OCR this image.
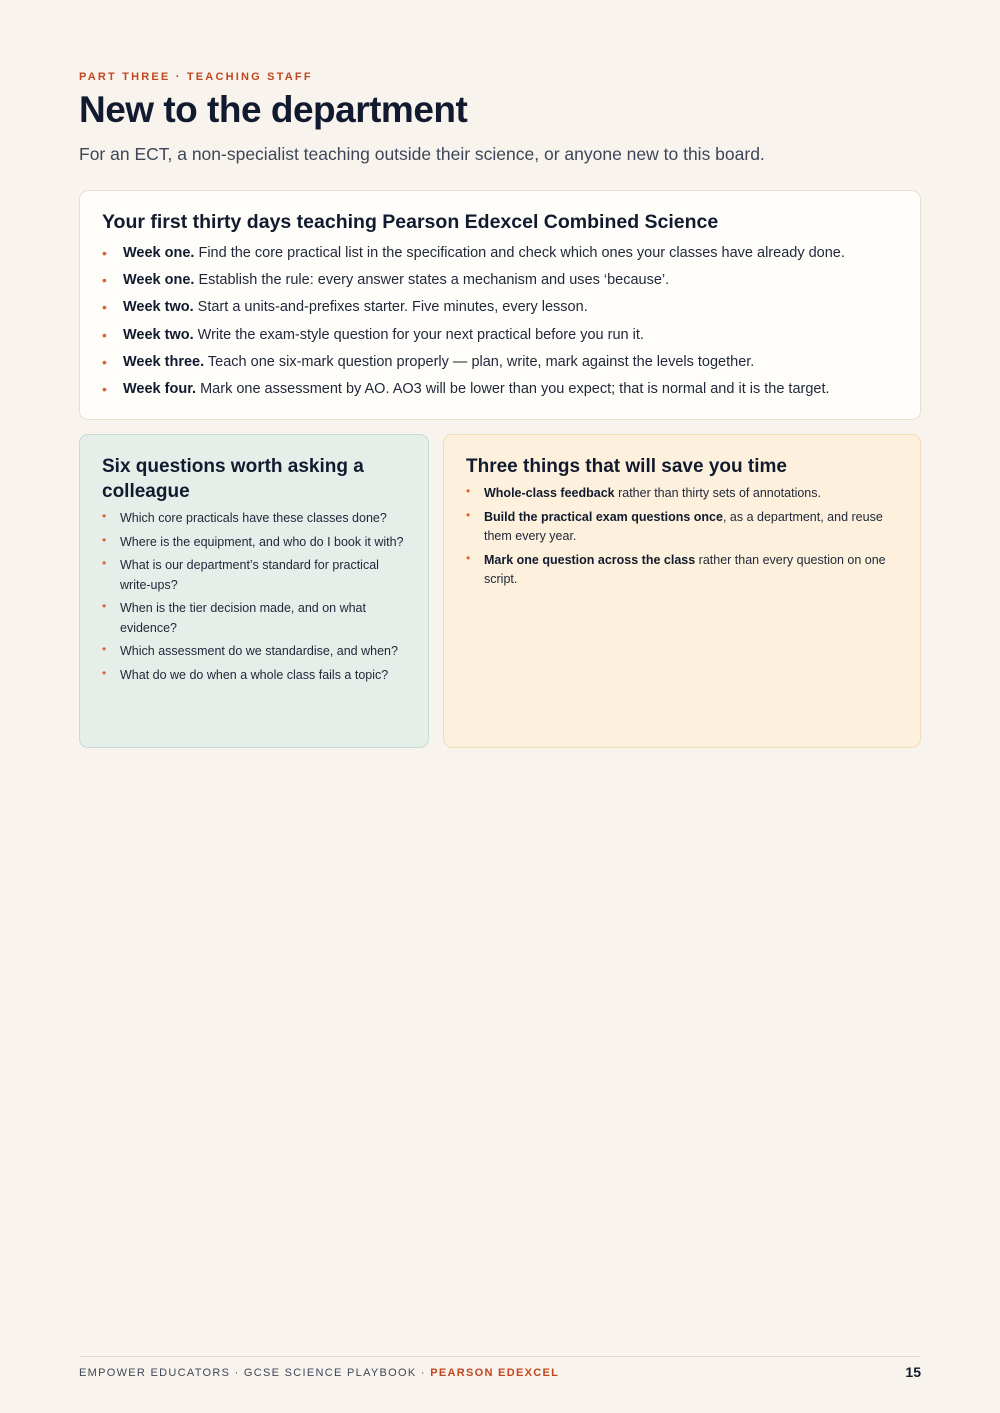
PART THREE · TEACHING STAFF
New to the department

For an ECT, a non-specialist teaching outside their science, or anyone new to this board.

Your first thirty days teaching Pearson Edexcel Combined Science
• Week one. Find the core practical list in the specification and check which ones your classes have already done.
• Week one. Establish the rule: every answer states a mechanism and uses ‘because’.
• Week two. Start a units-and-prefixes starter. Five minutes, every lesson.
• Week two. Write the exam-style question for your next practical before you run it.
• Week three. Teach one six-mark question properly — plan, write, mark against the levels together.
• Week four. Mark one assessment by AO. AO3 will be lower than you expect; that is normal and it is the target.
Six questions worth asking a colleague
• Which core practicals have these classes done?
• Where is the equipment, and who do I book it with?
• What is our department’s standard for practical write-ups?
• When is the tier decision made, and on what evidence?
• Which assessment do we standardise, and when?
• What do we do when a whole class fails a topic?
Three things that will save you time
• Whole-class feedback rather than thirty sets of annotations.
• Build the practical exam questions once, as a department, and reuse them every year.
• Mark one question across the class rather than every question on one script.
EMPOWER EDUCATORS · GCSE SCIENCE PLAYBOOK · PEARSON EDEXCEL	15
